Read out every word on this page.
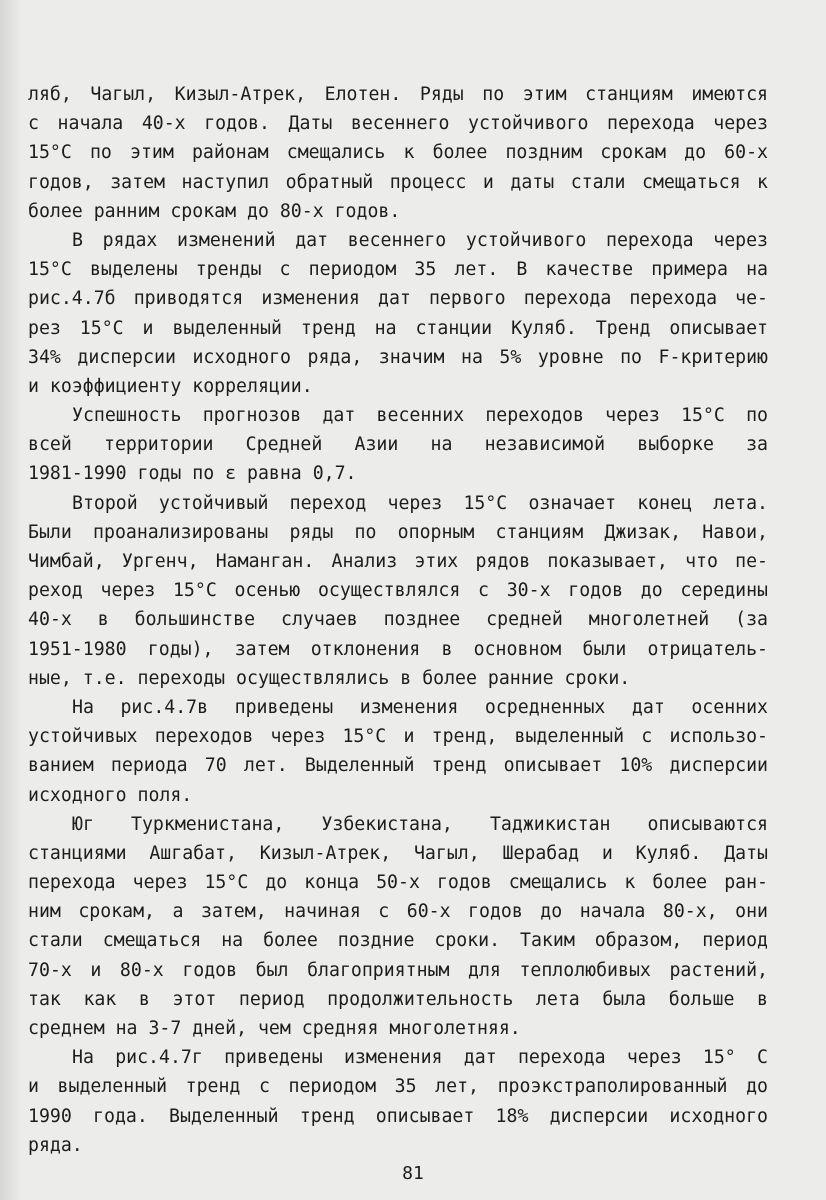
ляб, Чагыл, Кизыл-Атрек, Елотен. Ряды по этим станциям имеются
с начала 40-х годов. Даты весеннего устойчивого перехода через
15°С по этим районам смещались к более поздним срокам до 60-х
годов, затем наступил обратный процесс и даты стали смещаться к
более ранним срокам до 80-х годов.
В рядах изменений дат весеннего устойчивого перехода через
15°С выделены тренды с периодом 35 лет. В качестве примера на
рис.4.7б приводятся изменения дат первого перехода перехода че-
рез 15°С и выделенный тренд на станции Куляб. Тренд описывает
34% дисперсии исходного ряда, значим на 5% уровне по F-критерию
и коэффициенту корреляции.
Успешность прогнозов дат весенних переходов через 15°С по
всей территории Средней Азии на независимой выборке за
1981-1990 годы по ε равна 0,7.
Второй устойчивый переход через 15°С означает конец лета.
Были проанализированы ряды по опорным станциям Джизак, Навои,
Чимбай, Ургенч, Наманган. Анализ этих рядов показывает, что пе-
реход через 15°С осенью осуществлялся с 30-х годов до середины
40-х в большинстве случаев позднее средней многолетней (за
1951-1980 годы), затем отклонения в основном были отрицатель-
ные, т.е. переходы осуществлялись в более ранние сроки.
На рис.4.7в приведены изменения осредненных дат осенних
устойчивых переходов через 15°С и тренд, выделенный с использо-
ванием периода 70 лет. Выделенный тренд описывает 10% дисперсии
исходного поля.
Юг Туркменистана, Узбекистана, Таджикистан описываются
станциями Ашгабат, Кизыл-Атрек, Чагыл, Шерабад и Куляб. Даты
перехода через 15°С до конца 50-х годов смещались к более ран-
ним срокам, а затем, начиная с 60-х годов до начала 80-х, они
стали смещаться на более поздние сроки. Таким образом, период
70-х и 80-х годов был благоприятным для теплолюбивых растений,
так как в этот период продолжительность лета была больше в
среднем на 3-7 дней, чем средняя многолетняя.
На рис.4.7г приведены изменения дат перехода через 15° С
и выделенный тренд с периодом 35 лет, проэкстраполированный до
1990 года. Выделенный тренд описывает 18% дисперсии исходного
ряда.
81
